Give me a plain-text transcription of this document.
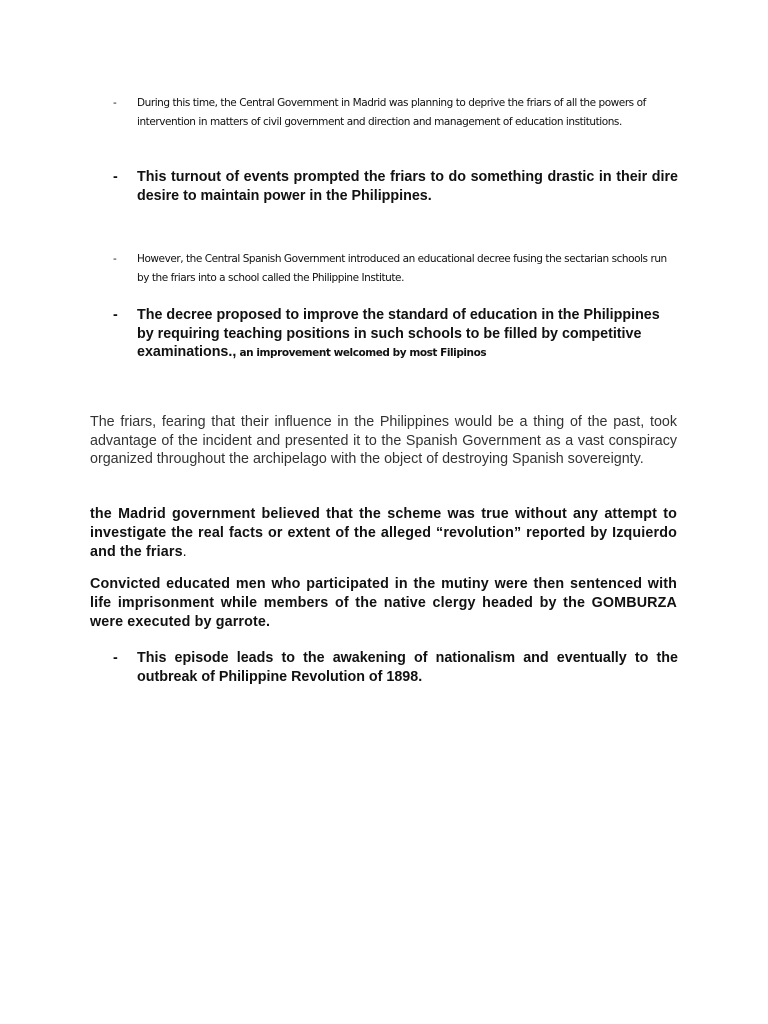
- During this time, the Central Government in Madrid was planning to deprive the friars of all the powers of intervention in matters of civil government and direction and management of education institutions.
- This turnout of events prompted the friars to do something drastic in their dire desire to maintain power in the Philippines.
- However, the Central Spanish Government introduced an educational decree fusing the sectarian schools run by the friars into a school called the Philippine Institute.
- The decree proposed to improve the standard of education in the Philippines by requiring teaching positions in such schools to be filled by competitive examinations., an improvement welcomed by most Filipinos
The friars, fearing that their influence in the Philippines would be a thing of the past, took advantage of the incident and presented it to the Spanish Government as a vast conspiracy organized throughout the archipelago with the object of destroying Spanish sovereignty.
the Madrid government believed that the scheme was true without any attempt to investigate the real facts or extent of the alleged “revolution” reported by Izquierdo and the friars.
Convicted educated men who participated in the mutiny were then sentenced with life imprisonment while members of the native clergy headed by the GOMBURZA were executed by garrote.
- This episode leads to the awakening of nationalism and eventually to the outbreak of Philippine Revolution of 1898.
